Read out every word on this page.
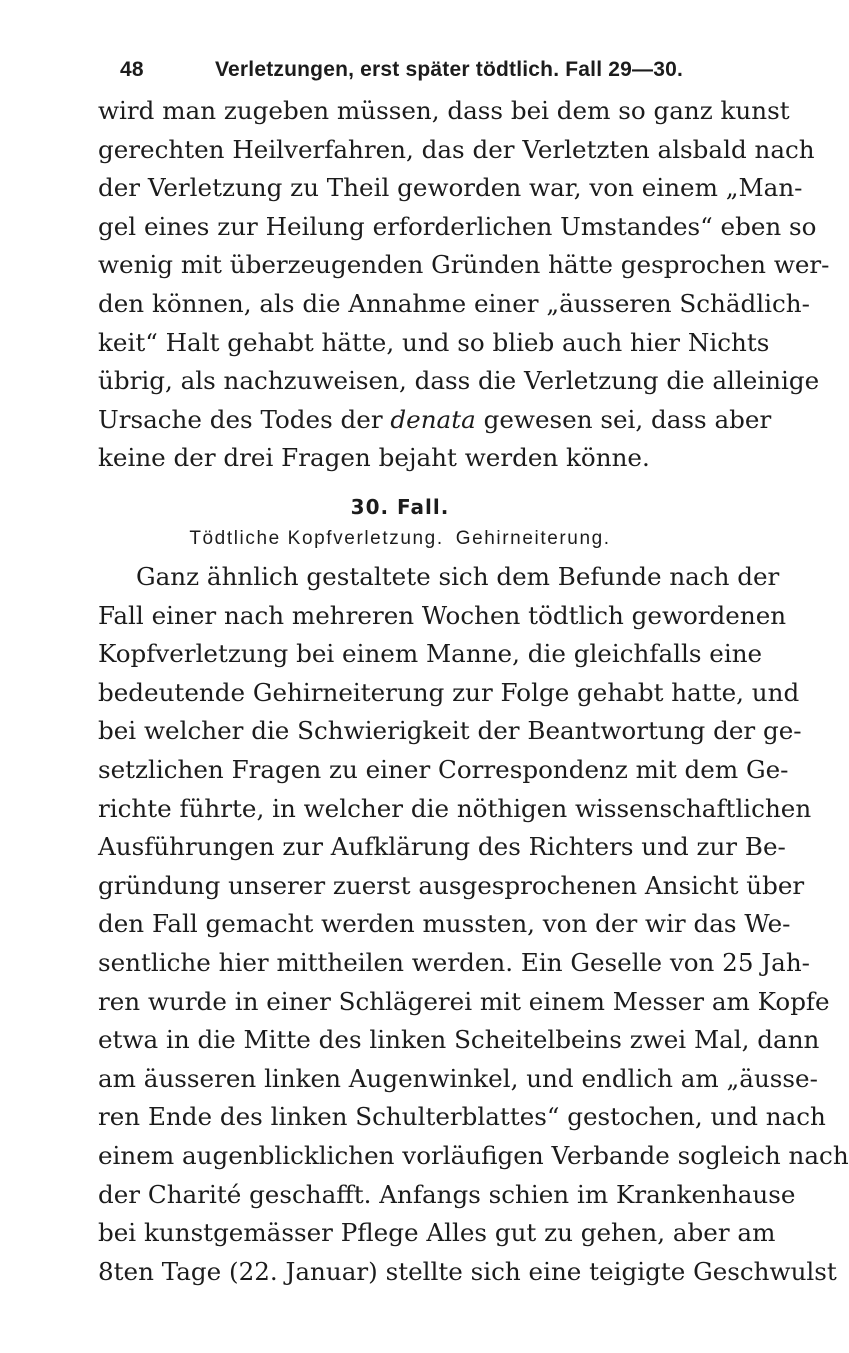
48	Verletzungen, erst später tödtlich. Fall 29—30.
wird man zugeben müssen, dass bei dem so ganz kunst
gerechten Heilverfahren, das der Verletzten alsbald nach
der Verletzung zu Theil geworden war, von einem „Man-
gel eines zur Heilung erforderlichen Umstandes“ eben so
wenig mit überzeugenden Gründen hätte gesprochen wer-
den können, als die Annahme einer „äusseren Schädlich-
keit“ Halt gehabt hätte, und so blieb auch hier Nichts
übrig, als nachzuweisen, dass die Verletzung die alleinige
Ursache des Todes der denata gewesen sei, dass aber
keine der drei Fragen bejaht werden könne.
30. Fall.
Tödtliche Kopfverletzung. Gehirneiterung.
Ganz ähnlich gestaltete sich dem Befunde nach der
Fall einer nach mehreren Wochen tödtlich gewordenen
Kopfverletzung bei einem Manne, die gleichfalls eine
bedeutende Gehirneiterung zur Folge gehabt hatte, und
bei welcher die Schwierigkeit der Beantwortung der ge-
setzlichen Fragen zu einer Correspondenz mit dem Ge-
richte führte, in welcher die nöthigen wissenschaftlichen
Ausführungen zur Aufklärung des Richters und zur Be-
gründung unserer zuerst ausgesprochenen Ansicht über
den Fall gemacht werden mussten, von der wir das We-
sentliche hier mittheilen werden. Ein Geselle von 25 Jah-
ren wurde in einer Schlägerei mit einem Messer am Kopfe
etwa in die Mitte des linken Scheitelbeins zwei Mal, dann
am äusseren linken Augenwinkel, und endlich am „äusse-
ren Ende des linken Schulterblattes“ gestochen, und nach
einem augenblicklichen vorläufigen Verbande sogleich nach
der Charité geschafft. Anfangs schien im Krankenhause
bei kunstgemässer Pflege Alles gut zu gehen, aber am
8ten Tage (22. Januar) stellte sich eine teigigte Geschwulst
